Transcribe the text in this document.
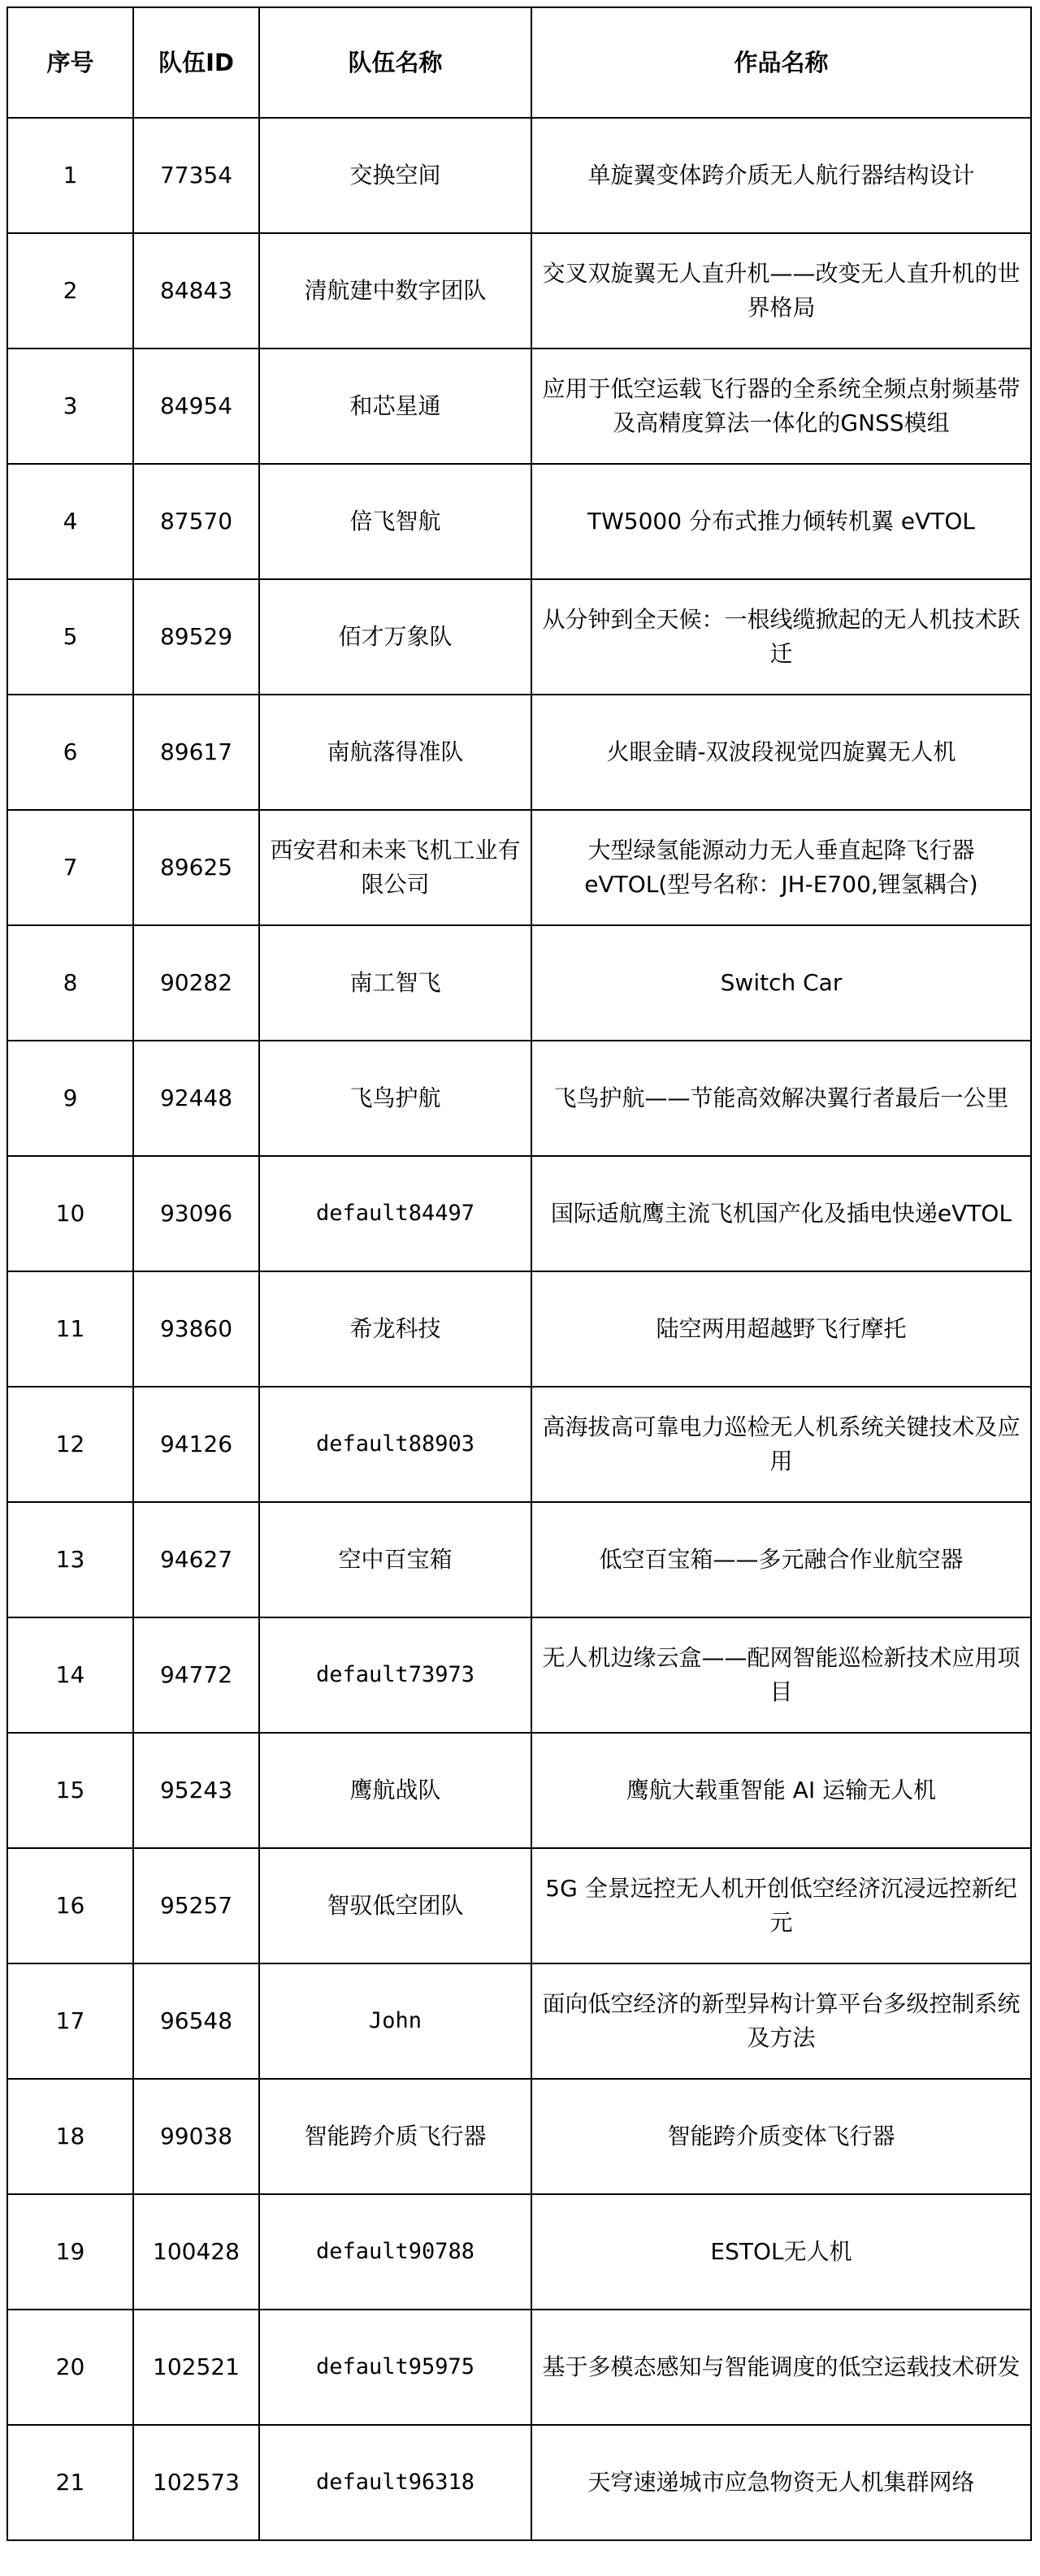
序号	队伍ID	队伍名称	作品名称
1	77354	交换空间	单旋翼变体跨介质无人航行器结构设计
2	84843	清航建中数字团队	交叉双旋翼无人直升机——改变无人直升机的世界格局
3	84954	和芯星通	应用于低空运载飞行器的全系统全频点射频基带及高精度算法一体化的GNSS模组
4	87570	倍飞智航	TW5000 分布式推力倾转机翼 eVTOL
5	89529	佰才万象队	从分钟到全天候：一根线缆掀起的无人机技术跃迁
6	89617	南航落得准队	火眼金睛-双波段视觉四旋翼无人机
7	89625	西安君和未来飞机工业有限公司	大型绿氢能源动力无人垂直起降飞行器eVTOL(型号名称：JH-E700,锂氢耦合)
8	90282	南工智飞	Switch Car
9	92448	飞鸟护航	飞鸟护航——节能高效解决翼行者最后一公里
10	93096	default84497	国际适航鹰主流飞机国产化及插电快递eVTOL
11	93860	希龙科技	陆空两用超越野飞行摩托
12	94126	default88903	高海拔高可靠电力巡检无人机系统关键技术及应用
13	94627	空中百宝箱	低空百宝箱——多元融合作业航空器
14	94772	default73973	无人机边缘云盒——配网智能巡检新技术应用项目
15	95243	鹰航战队	鹰航大载重智能 AI 运输无人机
16	95257	智驭低空团队	5G 全景远控无人机开创低空经济沉浸远控新纪元
17	96548	John	面向低空经济的新型异构计算平台多级控制系统及方法
18	99038	智能跨介质飞行器	智能跨介质变体飞行器
19	100428	default90788	ESTOL无人机
20	102521	default95975	基于多模态感知与智能调度的低空运载技术研发
21	102573	default96318	天穹速递城市应急物资无人机集群网络
